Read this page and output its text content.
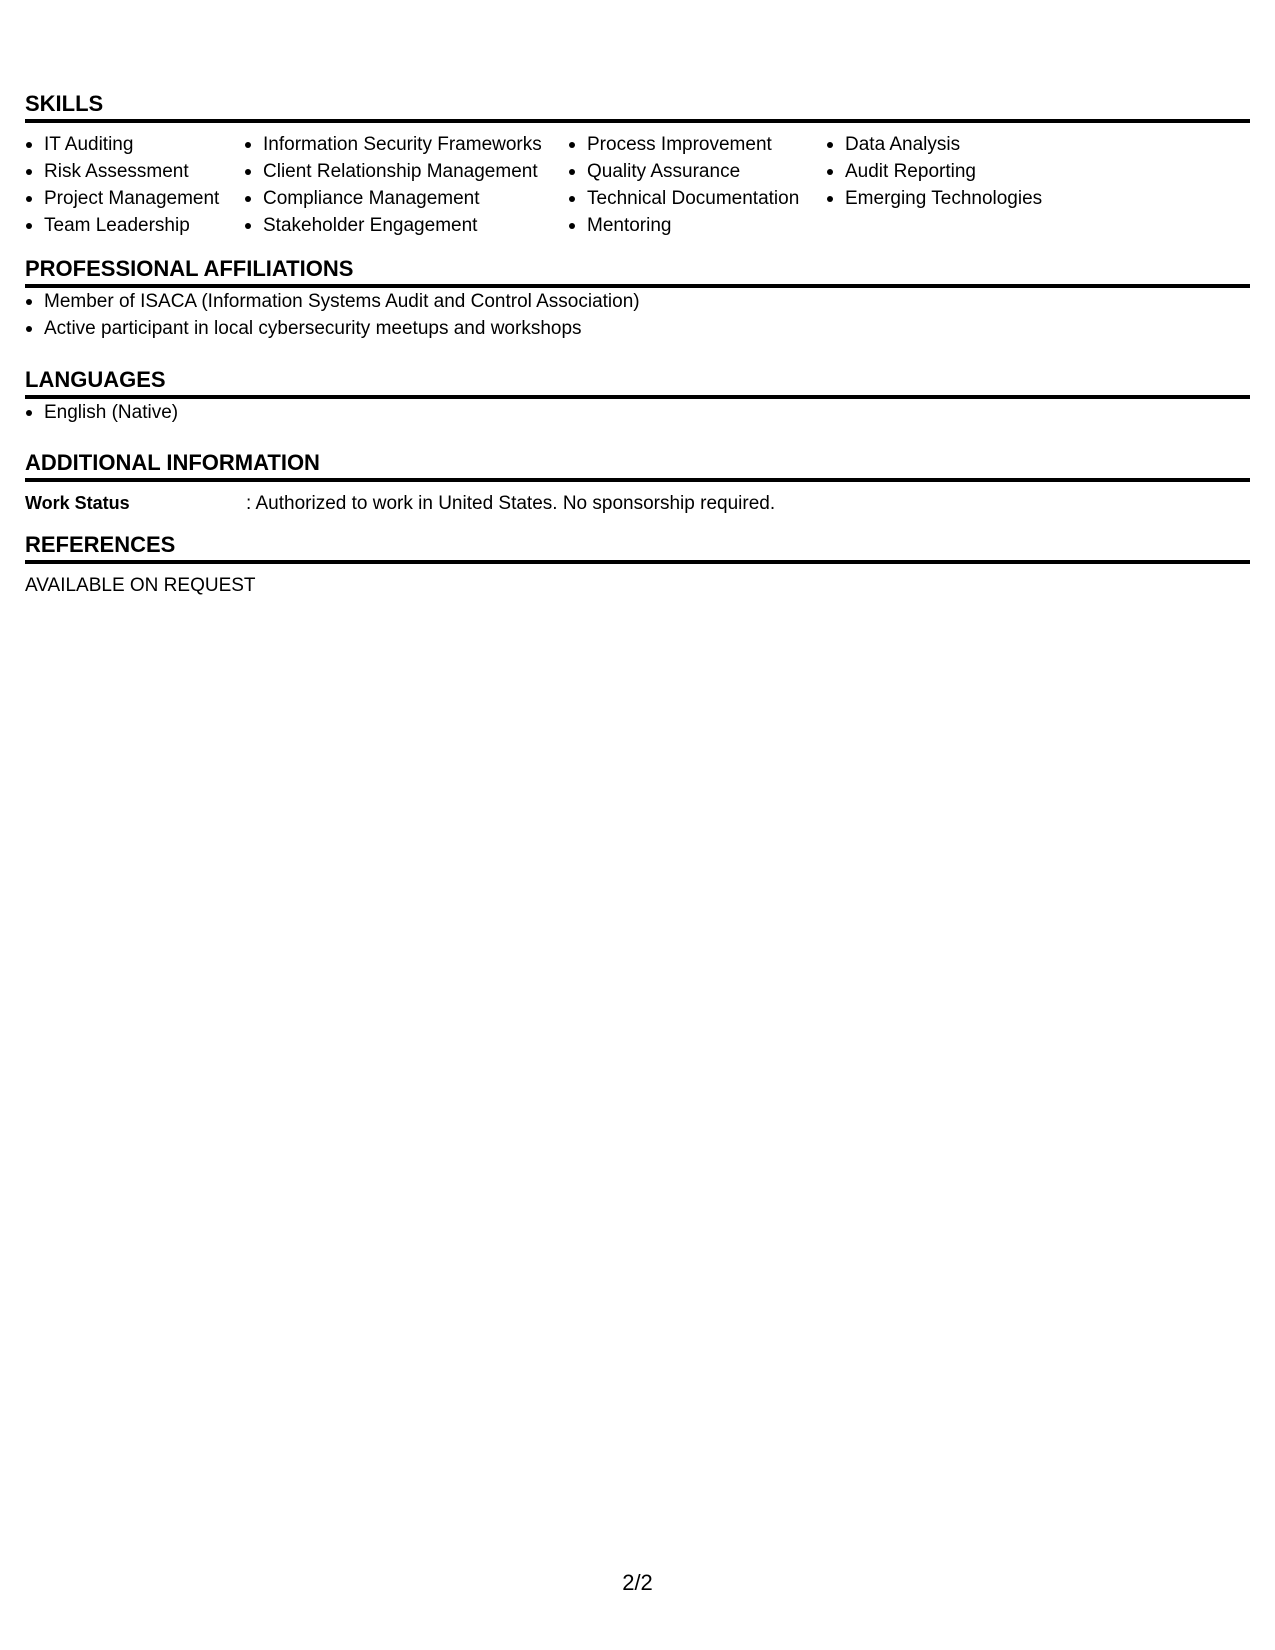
SKILLS
IT Auditing
Risk Assessment
Project Management
Team Leadership
Information Security Frameworks
Client Relationship Management
Compliance Management
Stakeholder Engagement
Process Improvement
Quality Assurance
Technical Documentation
Mentoring
Data Analysis
Audit Reporting
Emerging Technologies
PROFESSIONAL AFFILIATIONS
Member of ISACA (Information Systems Audit and Control Association)
Active participant in local cybersecurity meetups and workshops
LANGUAGES
English (Native)
ADDITIONAL INFORMATION
Work Status	: Authorized to work in United States. No sponsorship required.
REFERENCES
AVAILABLE ON REQUEST
2/2
